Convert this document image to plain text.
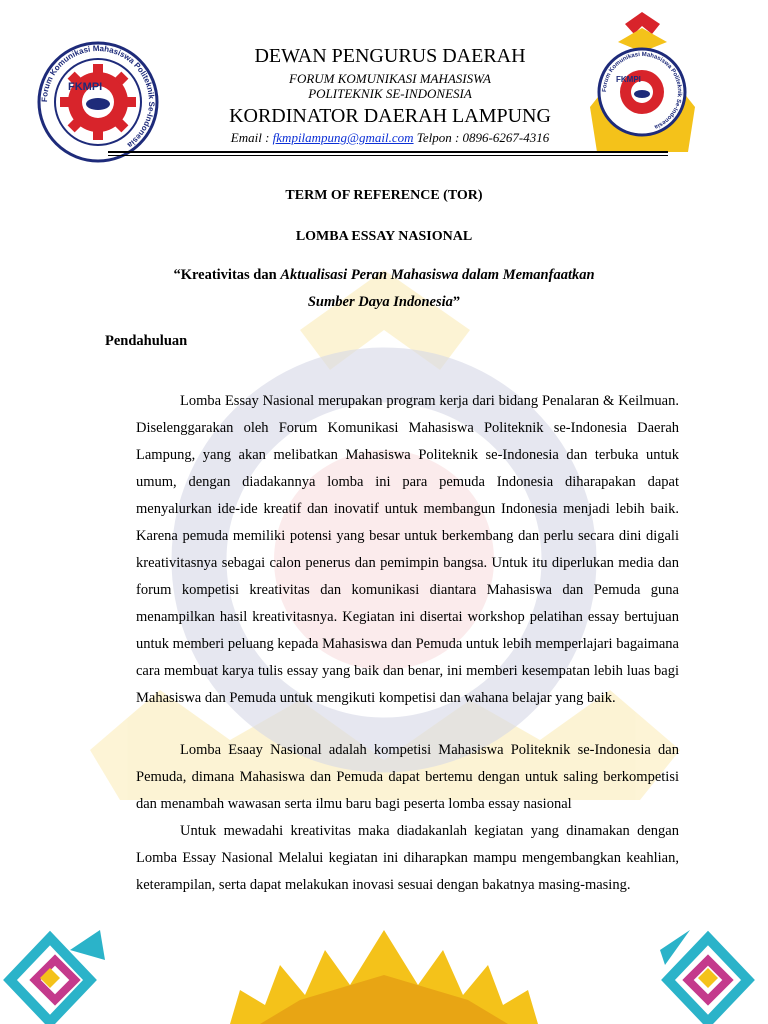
Forum Komunikasi Mahasiswa Politeknik Se-Indonesia
FKMPI	Forum Komunikasi Mahasiswa Politeknik Se-Indonesia
FKMPI

DEWAN PENGURUS DAERAH

FORUM KOMUNIKASI MAHASISWA

POLITEKNIK SE-INDONESIA

KORDINATOR DAERAH LAMPUNG

Email : fkmpilampung@gmail.com Telpon : 0896-6267-4316

TERM OF REFERENCE (TOR)
LOMBA ESSAY NASIONAL
“Kreativitas dan Aktualisasi Peran Mahasiswa dalam Memanfaatkan
Sumber Daya Indonesia”
Pendahuluan

Lomba Essay Nasional merupakan program kerja dari bidang Penalaran & Keilmuan. Diselenggarakan oleh Forum Komunikasi Mahasiswa Politeknik se-Indonesia Daerah Lampung, yang akan melibatkan Mahasiswa Politeknik se-Indonesia dan terbuka untuk umum, dengan diadakannya lomba ini para pemuda Indonesia diharapakan dapat menyalurkan ide-ide kreatif dan inovatif untuk membangun Indonesia menjadi lebih baik. Karena pemuda memiliki potensi yang besar untuk berkembang dan perlu secara dini digali kreativitasnya sebagai calon penerus dan pemimpin bangsa. Untuk itu diperlukan media dan forum kompetisi kreativitas dan komunikasi diantara Mahasiswa dan Pemuda guna menampilkan hasil kreativitasnya. Kegiatan ini disertai workshop pelatihan essay bertujuan untuk memberi peluang kepada Mahasiswa dan Pemuda untuk lebih memperlajari bagaimana cara membuat karya tulis essay yang baik dan benar, ini memberi kesempatan lebih luas bagi Mahasiswa dan Pemuda untuk mengikuti kompetisi dan wahana belajar yang baik.

Lomba Esaay Nasional adalah kompetisi Mahasiswa Politeknik se-Indonesia dan Pemuda, dimana Mahasiswa dan Pemuda dapat bertemu dengan untuk saling berkompetisi dan menambah wawasan serta ilmu baru bagi peserta lomba essay nasional

Untuk mewadahi kreativitas maka diadakanlah kegiatan yang dinamakan dengan Lomba Essay Nasional Melalui kegiatan ini diharapkan mampu mengembangkan keahlian, keterampilan, serta dapat melakukan inovasi sesuai dengan bakatnya masing-masing.
